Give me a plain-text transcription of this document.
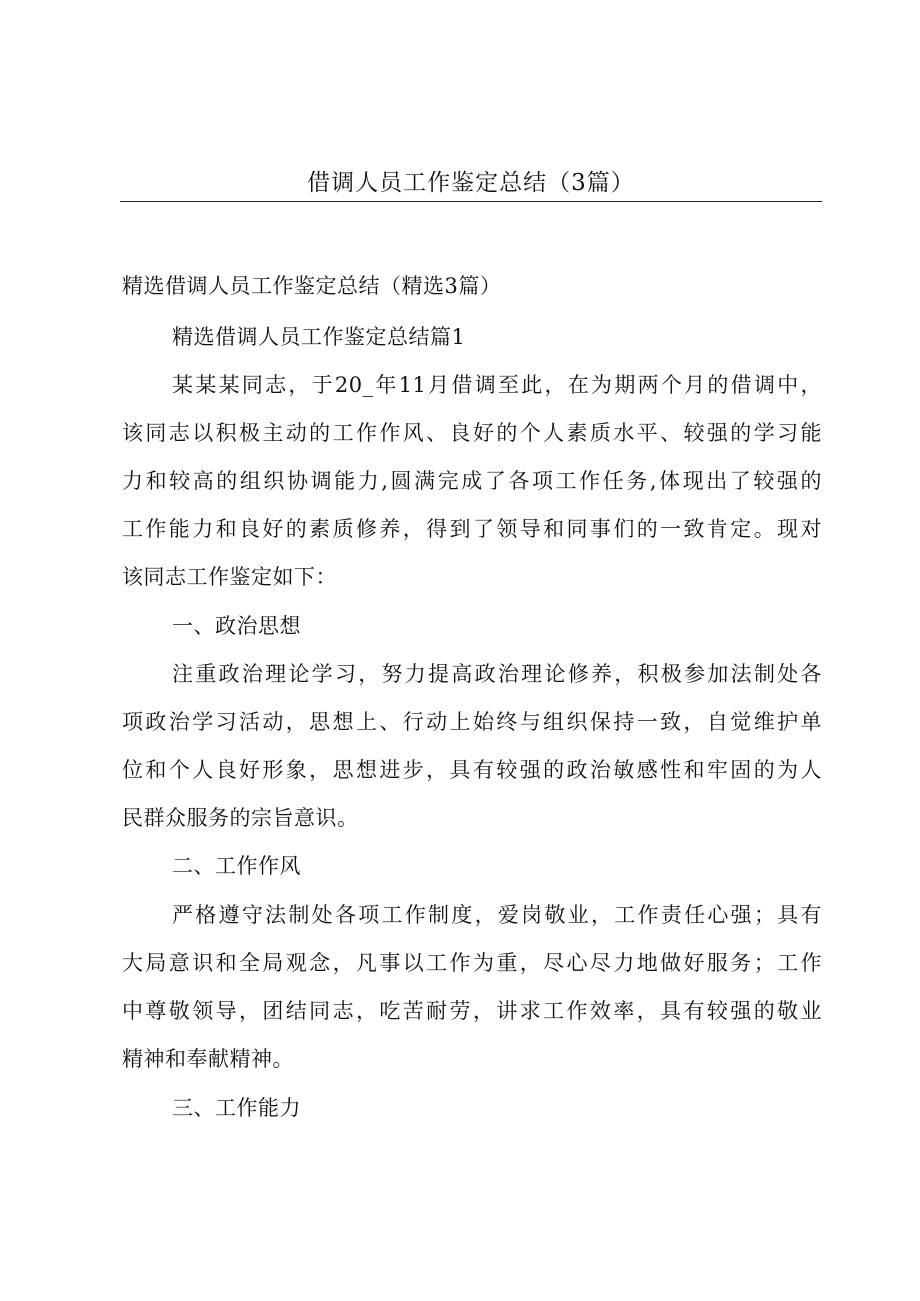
借调人员工作鉴定总结（3篇）
精选借调人员工作鉴定总结（精选3篇）
精选借调人员工作鉴定总结篇1
某某某同志，于20_年11月借调至此，在为期两个月的借调中，
该同志以积极主动的工作作风、良好的个人素质水平、较强的学习能
力和较高的组织协调能力,圆满完成了各项工作任务,体现出了较强的
工作能力和良好的素质修养，得到了领导和同事们的一致肯定。现对
该同志工作鉴定如下：
一、政治思想
注重政治理论学习，努力提高政治理论修养，积极参加法制处各
项政治学习活动，思想上、行动上始终与组织保持一致，自觉维护单
位和个人良好形象，思想进步，具有较强的政治敏感性和牢固的为人
民群众服务的宗旨意识。
二、工作作风
严格遵守法制处各项工作制度，爱岗敬业，工作责任心强；具有
大局意识和全局观念，凡事以工作为重，尽心尽力地做好服务；工作
中尊敬领导，团结同志，吃苦耐劳，讲求工作效率，具有较强的敬业
精神和奉献精神。
三、工作能力
